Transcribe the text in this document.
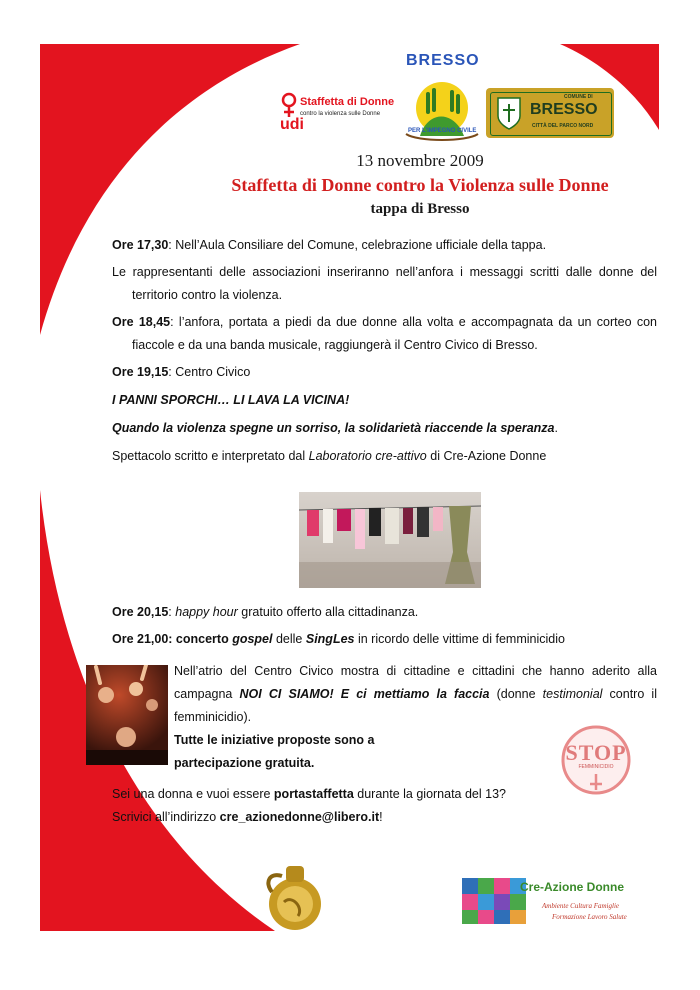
Staffetta di Donne
contro la violenza sulle Donne
udi
BRESSO
PER L'IMPEGNO CIVILE
COMUNE DI
BRESSO
CITTÀ DEL PARCO NORD
13 novembre 2009
Staffetta di Donne contro la Violenza sulle Donne
tappa di Bresso

Ore 17,30: Nell’Aula Consiliare del Comune, celebrazione ufficiale della tappa.

Le rappresentanti delle associazioni inseriranno nell’anfora i messaggi scritti dalle donne del territorio contro la violenza.

Ore 18,45: l’anfora, portata a piedi da due donne alla volta e accompagnata da un corteo con fiaccole e da una banda musicale, raggiungerà il Centro Civico di Bresso.

Ore 19,15: Centro Civico

I PANNI SPORCHI… LI LAVA LA VICINA!

Quando la violenza spegne un sorriso, la solidarietà riaccende la speranza.

Spettacolo scritto e interpretato dal Laboratorio cre-attivo di Cre-Azione Donne

Ore 20,15: happy hour gratuito offerto alla cittadinanza.

Ore 21,00: concerto gospel delle SingLes in ricordo delle vittime di femminicidio

Nell’atrio del Centro Civico mostra di cittadine e cittadini che hanno aderito alla campagna NOI CI SIAMO! E ci mettiamo la faccia (donne testimonial contro il femminicidio).

Tutte le iniziative proposte sono a

partecipazione gratuita.	STOP
FEMMINICIDIO

Sei una donna e vuoi essere portastaffetta durante la giornata del 13?

Scrivici all’indirizzo cre_azionedonne@libero.it!

Cre-Azione Donne
Ambiente Cultura Famiglie
Formazione Lavoro Salute
